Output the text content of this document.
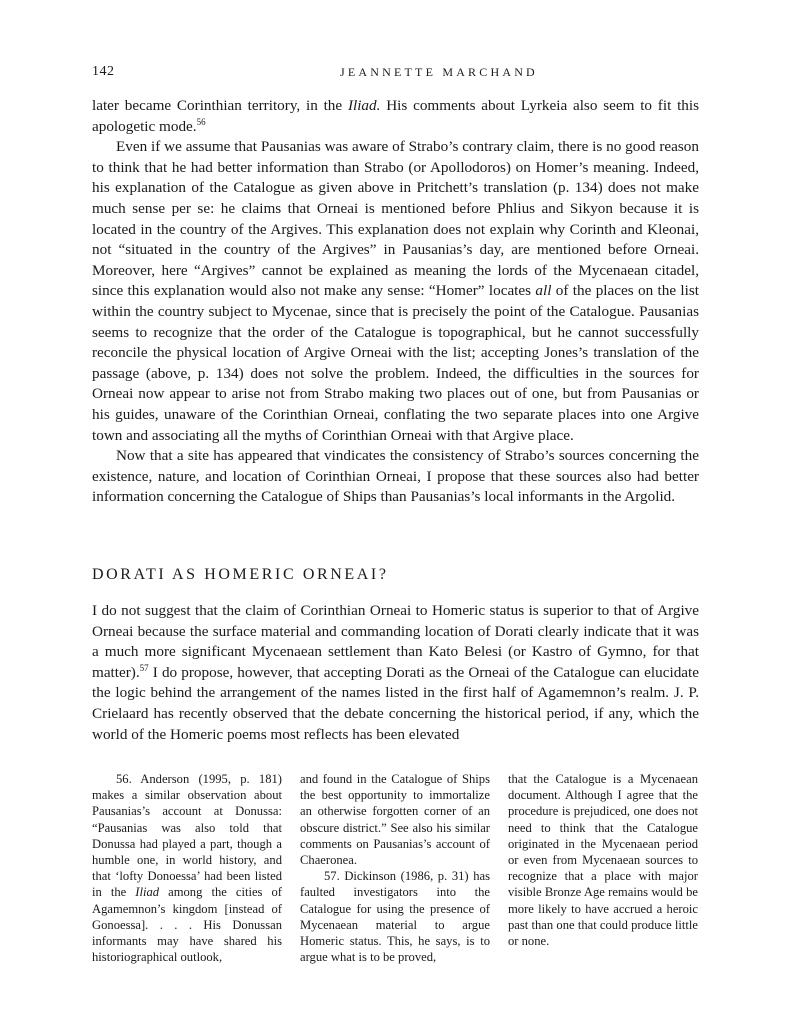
142	JEANNETTE MARCHAND

later became Corinthian territory, in the Iliad. His comments about Lyrkeia also seem to fit this apologetic mode.$^{56}$

Even if we assume that Pausanias was aware of Strabo’s contrary claim, there is no good reason to think that he had better information than Strabo (or Apollodoros) on Homer’s meaning. Indeed, his explanation of the Catalogue as given above in Pritchett’s translation (p. 134) does not make much sense per se: he claims that Orneai is mentioned before Phlius and Sikyon because it is located in the country of the Argives. This explanation does not explain why Corinth and Kleonai, not “situated in the country of the Argives” in Pausanias’s day, are mentioned before Orneai. Moreover, here “Argives” cannot be explained as meaning the lords of the Mycenaean citadel, since this explanation would also not make any sense: “Homer” locates all of the places on the list within the country subject to Mycenae, since that is precisely the point of the Catalogue. Pausanias seems to recognize that the order of the Catalogue is topographical, but he cannot successfully reconcile the physical location of Argive Orneai with the list; accepting Jones’s translation of the passage (above, p. 134) does not solve the problem. Indeed, the difficulties in the sources for Orneai now appear to arise not from Strabo making two places out of one, but from Pausanias or his guides, unaware of the Corinthian Orneai, conflating the two separate places into one Argive town and associating all the myths of Corinthian Orneai with that Argive place.

Now that a site has appeared that vindicates the consistency of Strabo’s sources concerning the existence, nature, and location of Corinthian Orneai, I propose that these sources also had better information concerning the Catalogue of Ships than Pausanias’s local informants in the Argolid.

DORATI AS HOMERIC ORNEAI?

I do not suggest that the claim of Corinthian Orneai to Homeric status is superior to that of Argive Orneai because the surface material and commanding location of Dorati clearly indicate that it was a much more significant Mycenaean settlement than Kato Belesi (or Kastro of Gymno, for that matter).$^{57}$ I do propose, however, that accepting Dorati as the Orneai of the Catalogue can elucidate the logic behind the arrangement of the names listed in the first half of Agamemnon’s realm. J. P. Crielaard has recently observed that the debate concerning the historical period, if any, which the world of the Homeric poems most reflects has been elevated

56. Anderson (1995, p. 181) makes a similar observation about Pausanias’s account at Donussa: “Pausanias was also told that Donussa had played a part, though a humble one, in world history, and that ‘lofty Donoessa’ had been listed in the Iliad among the cities of Agamemnon’s kingdom [instead of Gonoessa]. . . . His Donussan informants may have shared his historiographical outlook,

and found in the Catalogue of Ships the best opportunity to immortalize an otherwise forgotten corner of an obscure district.” See also his similar comments on Pausanias’s account of Chaeronea.

57. Dickinson (1986, p. 31) has faulted investigators into the Catalogue for using the presence of Mycenaean material to argue Homeric status. This, he says, is to argue what is to be proved,

that the Catalogue is a Mycenaean document. Although I agree that the procedure is prejudiced, one does not need to think that the Catalogue originated in the Mycenaean period or even from Mycenaean sources to recognize that a place with major visible Bronze Age remains would be more likely to have accrued a heroic past than one that could produce little or none.
